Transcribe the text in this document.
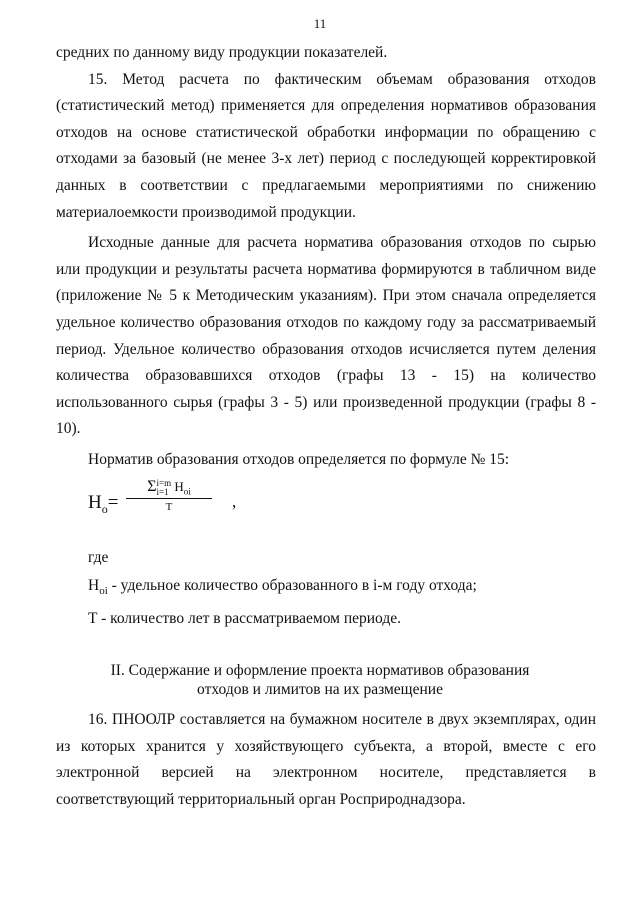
11

средних по данному виду продукции показателей.

15. Метод расчета по фактическим объемам образования отходов (статистический метод) применяется для определения нормативов образования отходов на основе статистической обработки информации по обращению с отходами за базовый (не менее 3-х лет) период с последующей корректировкой данных в соответствии с предлагаемыми мероприятиями по снижению материалоемкости производимой продукции.

Исходные данные для расчета норматива образования отходов по сырью или продукции и результаты расчета норматива формируются в табличном виде (приложение № 5 к Методическим указаниям). При этом сначала определяется удельное количество образования отходов по каждому году за рассматриваемый период. Удельное количество образования отходов исчисляется путем деления количества образовавшихся отходов (графы 13 - 15) на количество использованного сырья (графы 3 - 5) или произведенной продукции (графы 8 - 10).

Норматив образования отходов определяется по формуле № 15:

$H_o=$
Σi=m
i=1 $H_{oi}$
T	,

где

$H_{oi}$ - удельное количество образованного в i-м году отхода;

T - количество лет в рассматриваемом периоде.

II. Содержание и оформление проекта нормативов образования
отходов и лимитов на их размещение

16. ПНООЛР составляется на бумажном носителе в двух экземплярах, один из которых хранится у хозяйствующего субъекта, а второй, вместе с его электронной версией на электронном носителе, представляется в соответствующий территориальный орган Росприроднадзора.
